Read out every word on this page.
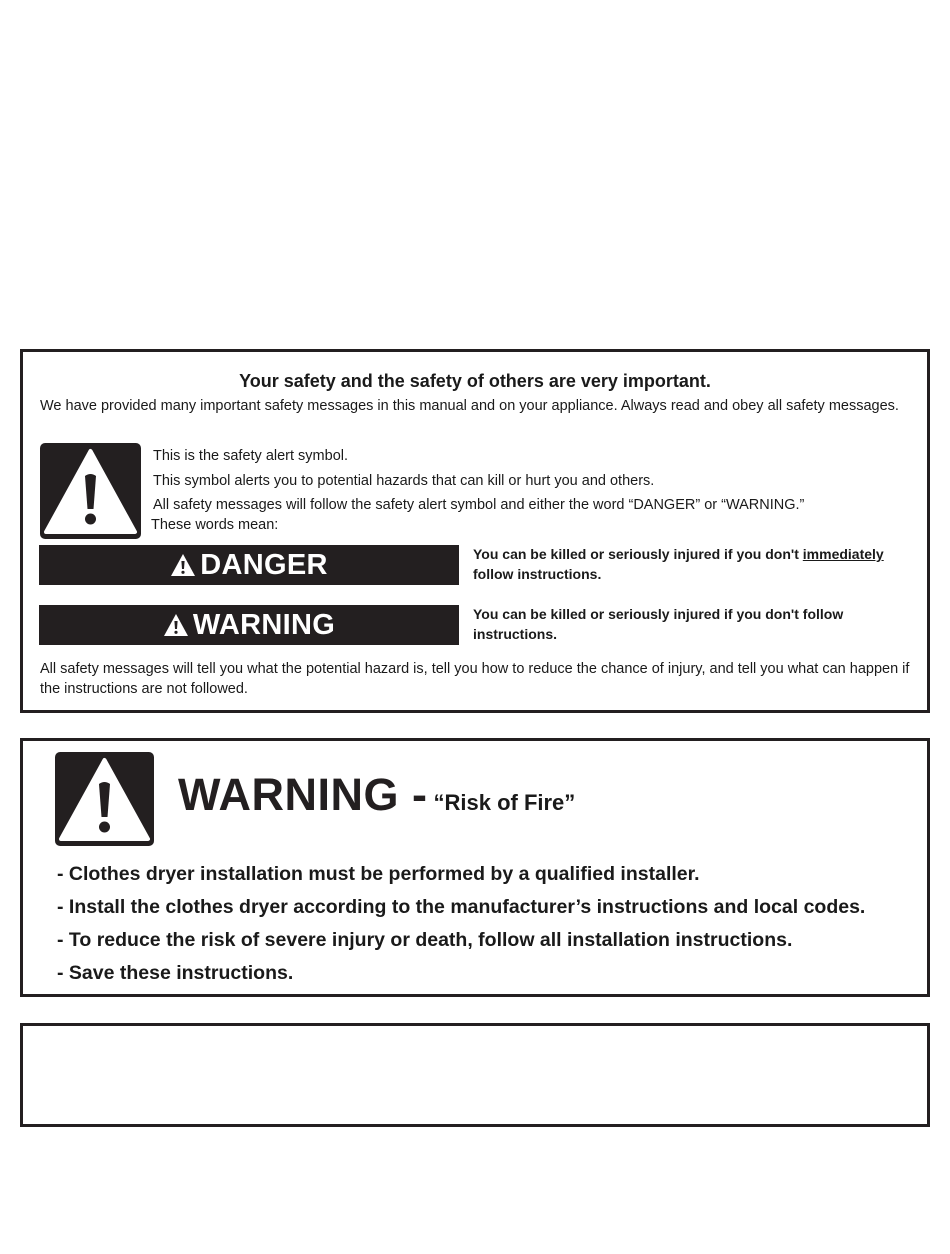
Your safety and the safety of others are very important.
We have provided many important safety messages in this manual and on your appliance. Always read and obey all safety messages.
This is the safety alert symbol.
This symbol alerts you to potential hazards that can kill or hurt you and others.
All safety messages will follow the safety alert symbol and either the word “DANGER” or “WARNING.”
These words mean:
DANGER	You can be killed or seriously injured if you don't immediately follow instructions.
WARNING	You can be killed or seriously injured if you don't follow instructions.
All safety messages will tell you what the potential hazard is, tell you how to reduce the chance of injury, and tell you what can happen if the instructions are not followed.
WARNING - “Risk of Fire”
- Clothes dryer installation must be performed by a qualified installer.
- Install the clothes dryer according to the manufacturer’s instructions and local codes.
- To reduce the risk of severe injury or death, follow all installation instructions.
- Save these instructions.
